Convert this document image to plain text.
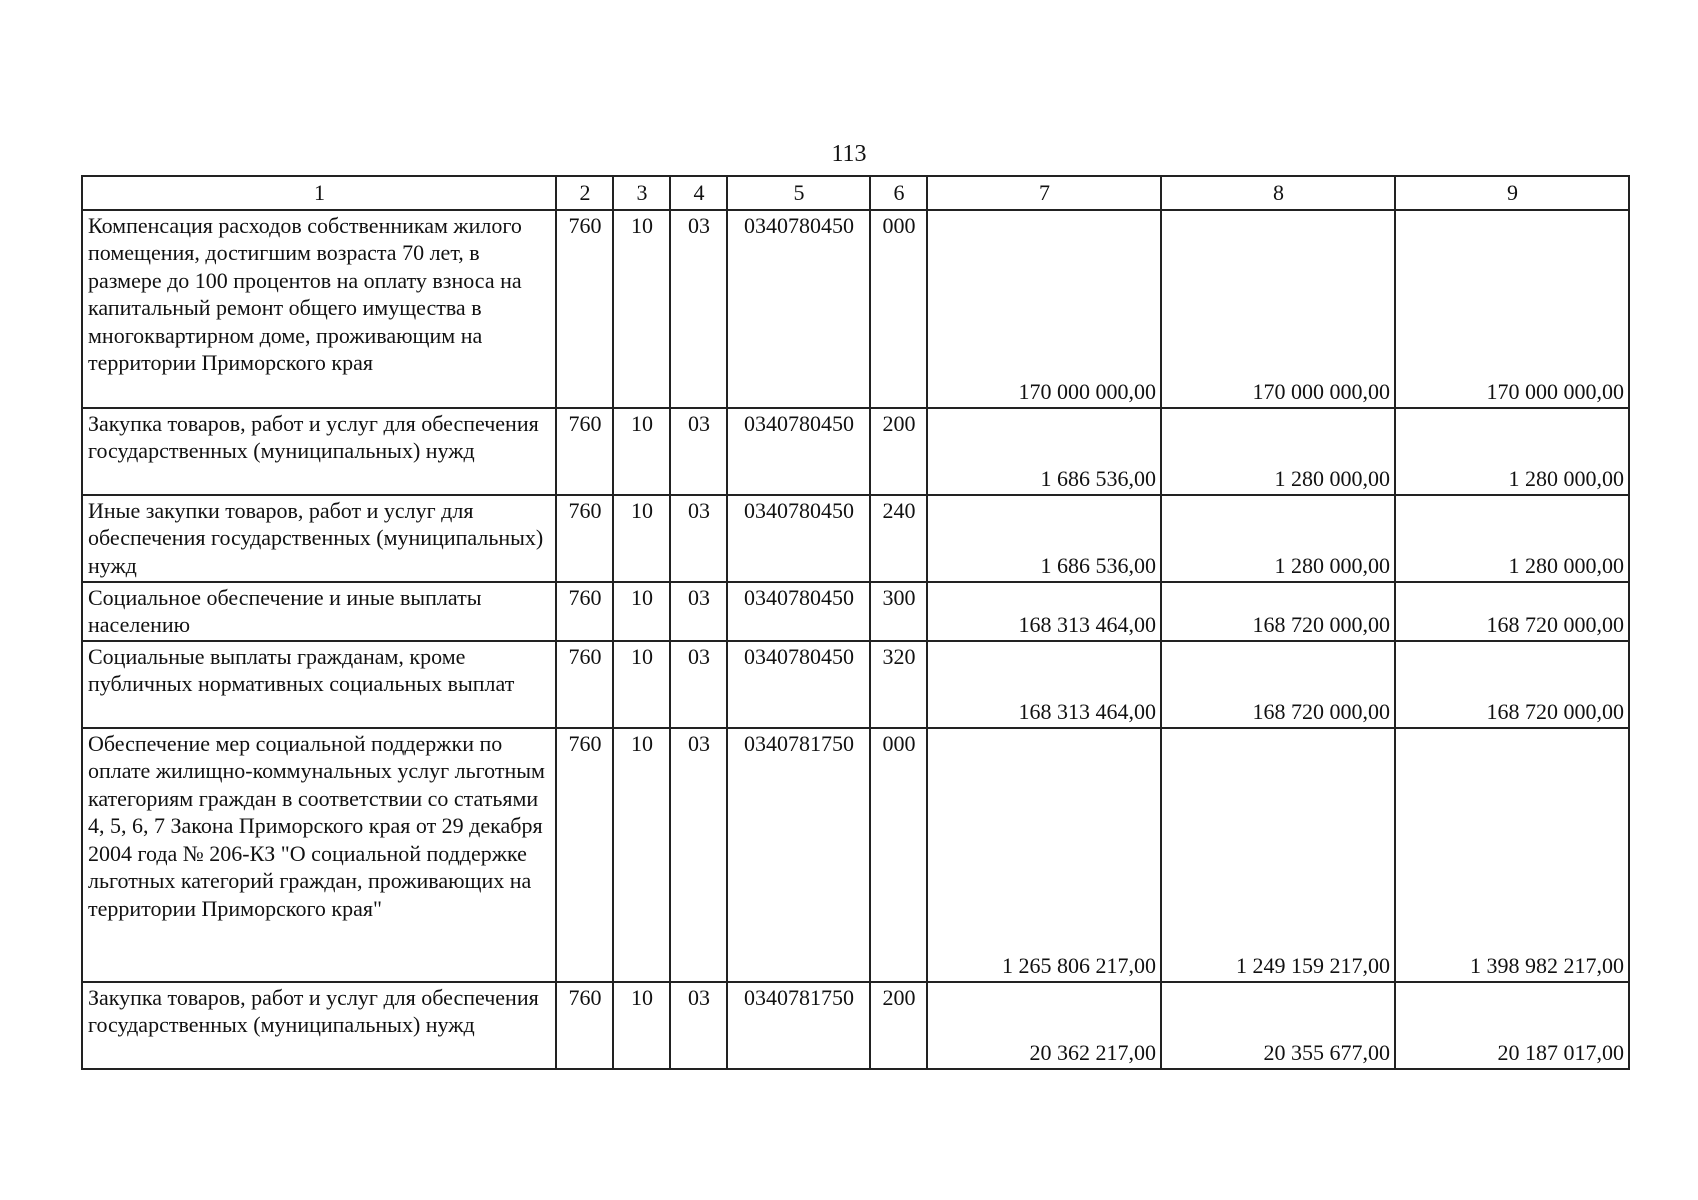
113
1	2	3	4	5	6	7	8	9
Компенсация расходов собственникам жилого помещения, достигшим возраста 70 лет, в размере до 100 процентов на оплату взноса на капитальный ремонт общего имущества в многоквартирном доме, проживающим на территории Приморского края	760	10	03	0340780450	000	170 000 000,00	170 000 000,00	170 000 000,00
Закупка товаров, работ и услуг для обеспечения государственных (муниципальных) нужд	760	10	03	0340780450	200	1 686 536,00	1 280 000,00	1 280 000,00
Иные закупки товаров, работ и услуг для обеспечения государственных (муниципальных) нужд	760	10	03	0340780450	240	1 686 536,00	1 280 000,00	1 280 000,00
Социальное обеспечение и иные выплаты населению	760	10	03	0340780450	300	168 313 464,00	168 720 000,00	168 720 000,00
Социальные выплаты гражданам, кроме публичных нормативных социальных выплат	760	10	03	0340780450	320	168 313 464,00	168 720 000,00	168 720 000,00
Обеспечение мер социальной поддержки по оплате жилищно-коммунальных услуг льготным категориям граждан в соответствии со статьями 4, 5, 6, 7 Закона Приморского края от 29 декабря 2004 года № 206-КЗ "О социальной поддержке льготных категорий граждан, проживающих на территории Приморского края"	760	10	03	0340781750	000	1 265 806 217,00	1 249 159 217,00	1 398 982 217,00
Закупка товаров, работ и услуг для обеспечения государственных (муниципальных) нужд	760	10	03	0340781750	200	20 362 217,00	20 355 677,00	20 187 017,00
